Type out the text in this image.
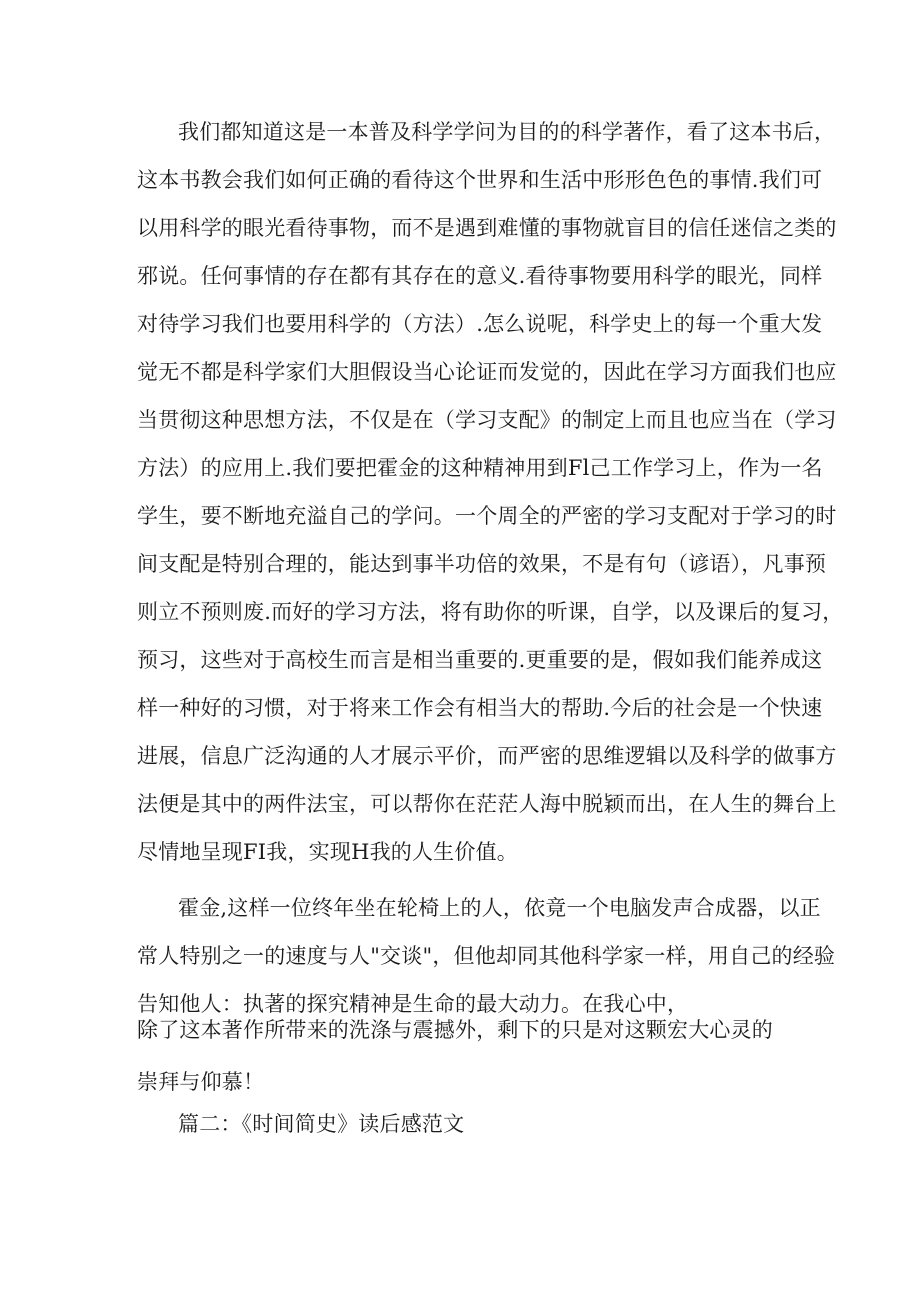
我们都知道这是一本普及科学学问为目的的科学著作，看了这本书后，

这本书教会我们如何正确的看待这个世界和生活中形形色色的事情.我们可

以用科学的眼光看待事物，而不是遇到难懂的事物就盲目的信任迷信之类的

邪说。任何事情的存在都有其存在的意义.看待事物要用科学的眼光，同样

对待学习我们也要用科学的（方法）.怎么说呢，科学史上的每一个重大发

觉无不都是科学家们大胆假设当心论证而发觉的，因此在学习方面我们也应

当贯彻这种思想方法，不仅是在（学习支配》的制定上而且也应当在（学习

方法）的应用上.我们要把霍金的这种精神用到Fl己工作学习上，作为一名

学生，要不断地充溢自己的学问。一个周全的严密的学习支配对于学习的时

间支配是特别合理的，能达到事半功倍的效果，不是有句（谚语），凡事预

则立不预则废.而好的学习方法，将有助你的听课，自学，以及课后的复习，

预习，这些对于高校生而言是相当重要的.更重要的是，假如我们能养成这

样一种好的习惯，对于将来工作会有相当大的帮助.今后的社会是一个快速

进展，信息广泛沟通的人才展示平价，而严密的思维逻辑以及科学的做事方

法便是其中的两件法宝，可以帮你在茫茫人海中脱颖而出，在人生的舞台上

尽情地呈现FI我，实现H我的人生价值。

霍金,这样一位终年坐在轮椅上的人，依竟一个电脑发声合成器，以正

常人特别之一的速度与人"交谈"，但他却同其他科学家一样，用自己的经验

告知他人：执著的探究精神是生命的最大动力。在我心中，

除了这本著作所带来的洗涤与震撼外，剩下的只是对这颗宏大心灵的

崇拜与仰慕！

篇二：《时间简史》读后感范文
